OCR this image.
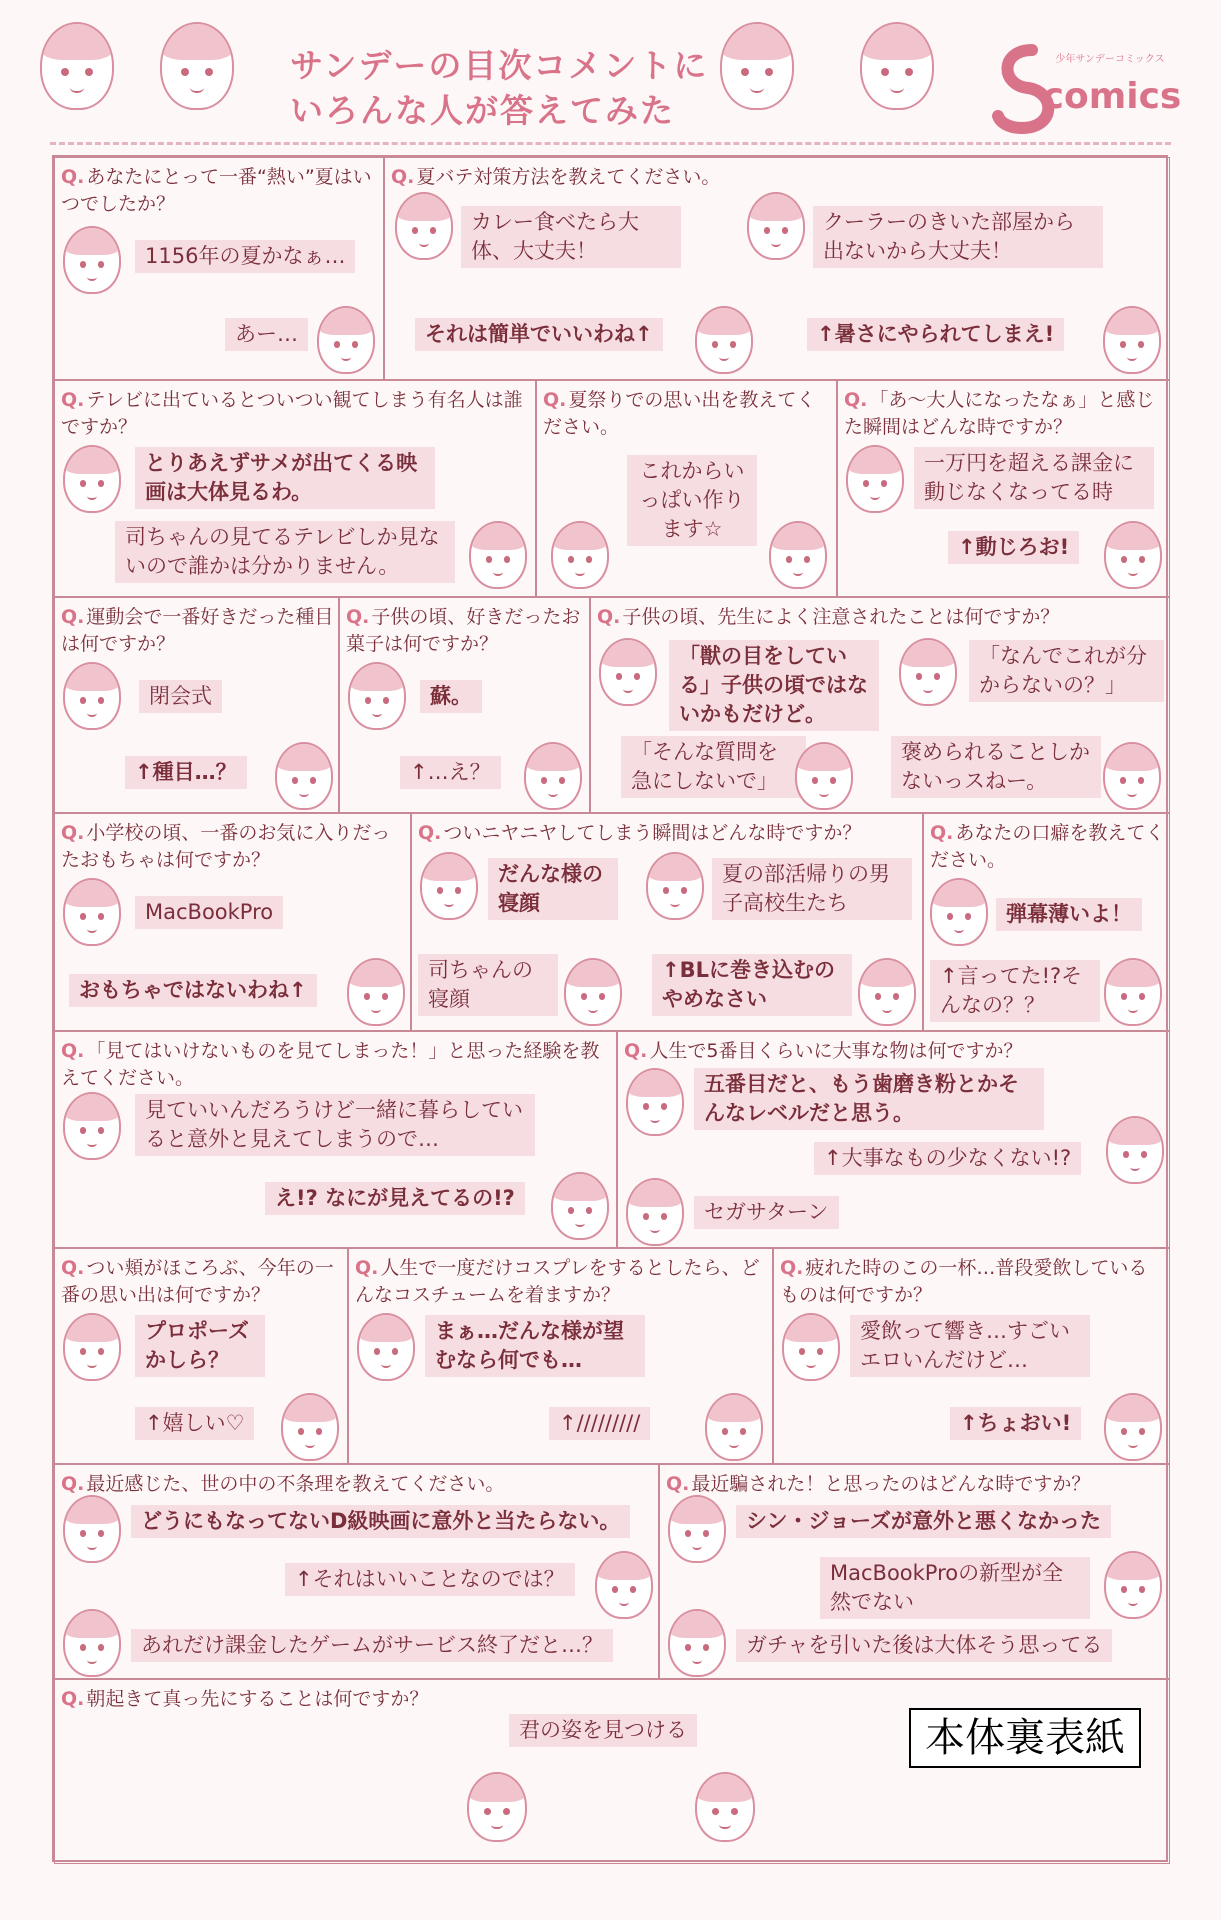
サンデーの目次コメントに
いろんな人が答えてみた
少年サンデーコミックス
comics
Q. あなたにとって一番“熱い”夏はいつでしたか？
1156年の夏かなぁ…
あー…
Q. 夏バテ対策方法を教えてください。
カレー食べたら大体、大丈夫！
クーラーのきいた部屋から出ないから大丈夫！
それは簡単でいいわね↑	↑暑さにやられてしまえ!
Q. テレビに出ているとついつい観てしまう有名人は誰ですか？
とりあえずサメが出てくる映画は大体見るわ。
司ちゃんの見てるテレビしか見ないので誰かは分かりません。
Q. 夏祭りでの思い出を教えてください。
これからいっぱい作ります☆
Q. 「あ～大人になったなぁ」と感じた瞬間はどんな時ですか？
一万円を超える課金に動じなくなってる時
↑動じろお!
Q. 運動会で一番好きだった種目は何ですか？
閉会式
↑種目…？
Q. 子供の頃、好きだったお菓子は何ですか？
蘇。
↑…え？
Q. 子供の頃、先生によく注意されたことは何ですか？
「獣の目をしている」子供の頃ではないかもだけど。
「なんでこれが分からないの？」
「そんな質問を急にしないで」
褒められることしかないっスねー。
Q. 小学校の頃、一番のお気に入りだったおもちゃは何ですか？
MacBookPro
おもちゃではないわね↑
Q. ついニヤニヤしてしまう瞬間はどんな時ですか？
だんな様の寝顔
夏の部活帰りの男子高校生たち
司ちゃんの寝顔
↑BLに巻き込むのやめなさい
Q. あなたの口癖を教えてください。
弾幕薄いよ！
↑言ってた!?そんなの？？
Q. 「見てはいけないものを見てしまった！」と思った経験を教えてください。
見ていいんだろうけど一緒に暮らしていると意外と見えてしまうので…
え!? なにが見えてるの!?
Q. 人生で5番目くらいに大事な物は何ですか？
五番目だと、もう歯磨き粉とかそんなレベルだと思う。
↑大事なもの少なくない!?
セガサターン
Q. つい頬がほころぶ、今年の一番の思い出は何ですか？
プロポーズかしら？
↑嬉しい♡
Q. 人生で一度だけコスプレをするとしたら、どんなコスチュームを着ますか？
まぁ…だんな様が望むなら何でも…
↑/////////
Q. 疲れた時のこの一杯…普段愛飲しているものは何ですか？
愛飲って響き…すごいエロいんだけど…
↑ちょおい!
Q. 最近感じた、世の中の不条理を教えてください。
どうにもなってないD級映画に意外と当たらない。
↑それはいいことなのでは？
あれだけ課金したゲームがサービス終了だと…？
Q. 最近騙された！と思ったのはどんな時ですか？
シン・ジョーズが意外と悪くなかった
MacBookProの新型が全然でない
ガチャを引いた後は大体そう思ってる
Q. 朝起きて真っ先にすることは何ですか？
君の姿を見つける	本体裏表紙
